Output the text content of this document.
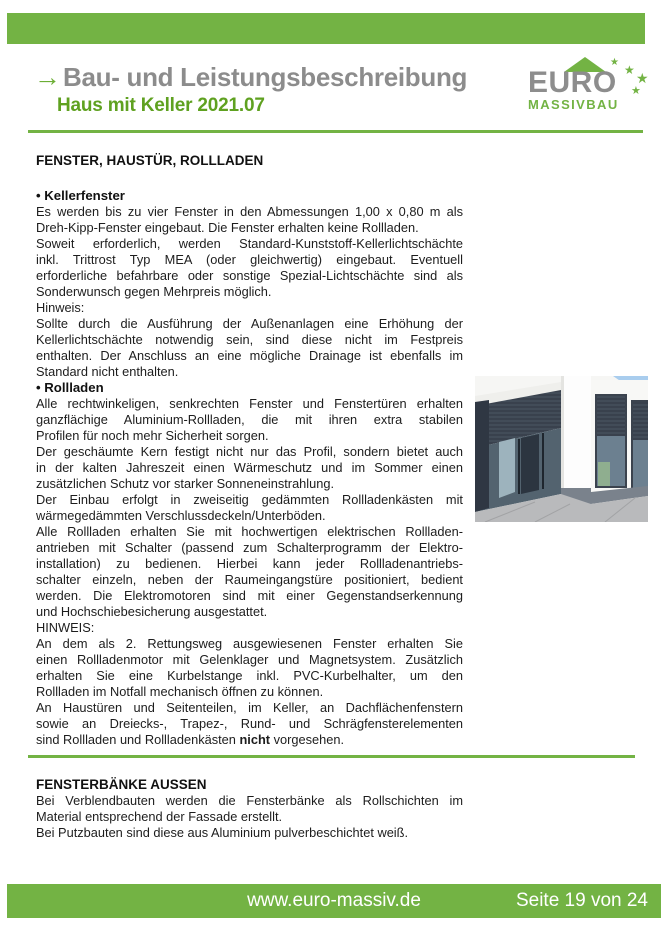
→ Bau- und Leistungsbeschreibung
Haus mit Keller 2021.07
★
★ ★
★
EURO
MASSIVBAU
FENSTER, HAUSTÜR, ROLLLADEN
• Kellerfenster
Es werden bis zu vier Fenster in den Abmessungen 1,00 x 0,80 m als
Dreh-Kipp-Fenster eingebaut. Die Fenster erhalten keine Rollladen.
Soweit erforderlich, werden Standard-Kunststoff-Kellerlichtschächte
inkl. Trittrost Typ MEA (oder gleichwertig) eingebaut. Eventuell
erforderliche befahrbare oder sonstige Spezial-Lichtschächte sind als
Sonderwunsch gegen Mehrpreis möglich.
Hinweis:
Sollte durch die Ausführung der Außenanlagen eine Erhöhung der
Kellerlichtschächte notwendig sein, sind diese nicht im Festpreis
enthalten. Der Anschluss an eine mögliche Drainage ist ebenfalls im
Standard nicht enthalten.
• Rollladen
Alle rechtwinkeligen, senkrechten Fenster und Fenstertüren erhalten
ganzflächige Aluminium-Rollladen, die mit ihren extra stabilen
Profilen für noch mehr Sicherheit sorgen.
Der geschäumte Kern festigt nicht nur das Profil, sondern bietet auch
in der kalten Jahreszeit einen Wärmeschutz und im Sommer einen
zusätzlichen Schutz vor starker Sonneneinstrahlung.
Der Einbau erfolgt in zweiseitig gedämmten Rollladenkästen mit
wärmegedämmten Verschlussdeckeln/Unterböden.
Alle Rollladen erhalten Sie mit hochwertigen elektrischen Rollladen-
antrieben mit Schalter (passend zum Schalterprogramm der Elektro-
installation) zu bedienen. Hierbei kann jeder Rollladenantriebs-
schalter einzeln, neben der Raumeingangstüre positioniert, bedient
werden. Die Elektromotoren sind mit einer Gegenstandserkennung
und Hochschiebesicherung ausgestattet.
HINWEIS:
An dem als 2. Rettungsweg ausgewiesenen Fenster erhalten Sie
einen Rollladenmotor mit Gelenklager und Magnetsystem. Zusätzlich
erhalten Sie eine Kurbelstange inkl. PVC-Kurbelhalter, um den
Rollladen im Notfall mechanisch öffnen zu können.
An Haustüren und Seitenteilen, im Keller, an Dachflächenfenstern
sowie an Dreiecks-, Trapez-, Rund- und Schrägfensterelementen
sind Rollladen und Rollladenkästen nicht vorgesehen.
FENSTERBÄNKE AUSSEN
Bei Verblendbauten werden die Fensterbänke als Rollschichten im
Material entsprechend der Fassade erstellt.
Bei Putzbauten sind diese aus Aluminium pulverbeschichtet weiß.
www.euro-massiv.de	Seite 19 von 24
